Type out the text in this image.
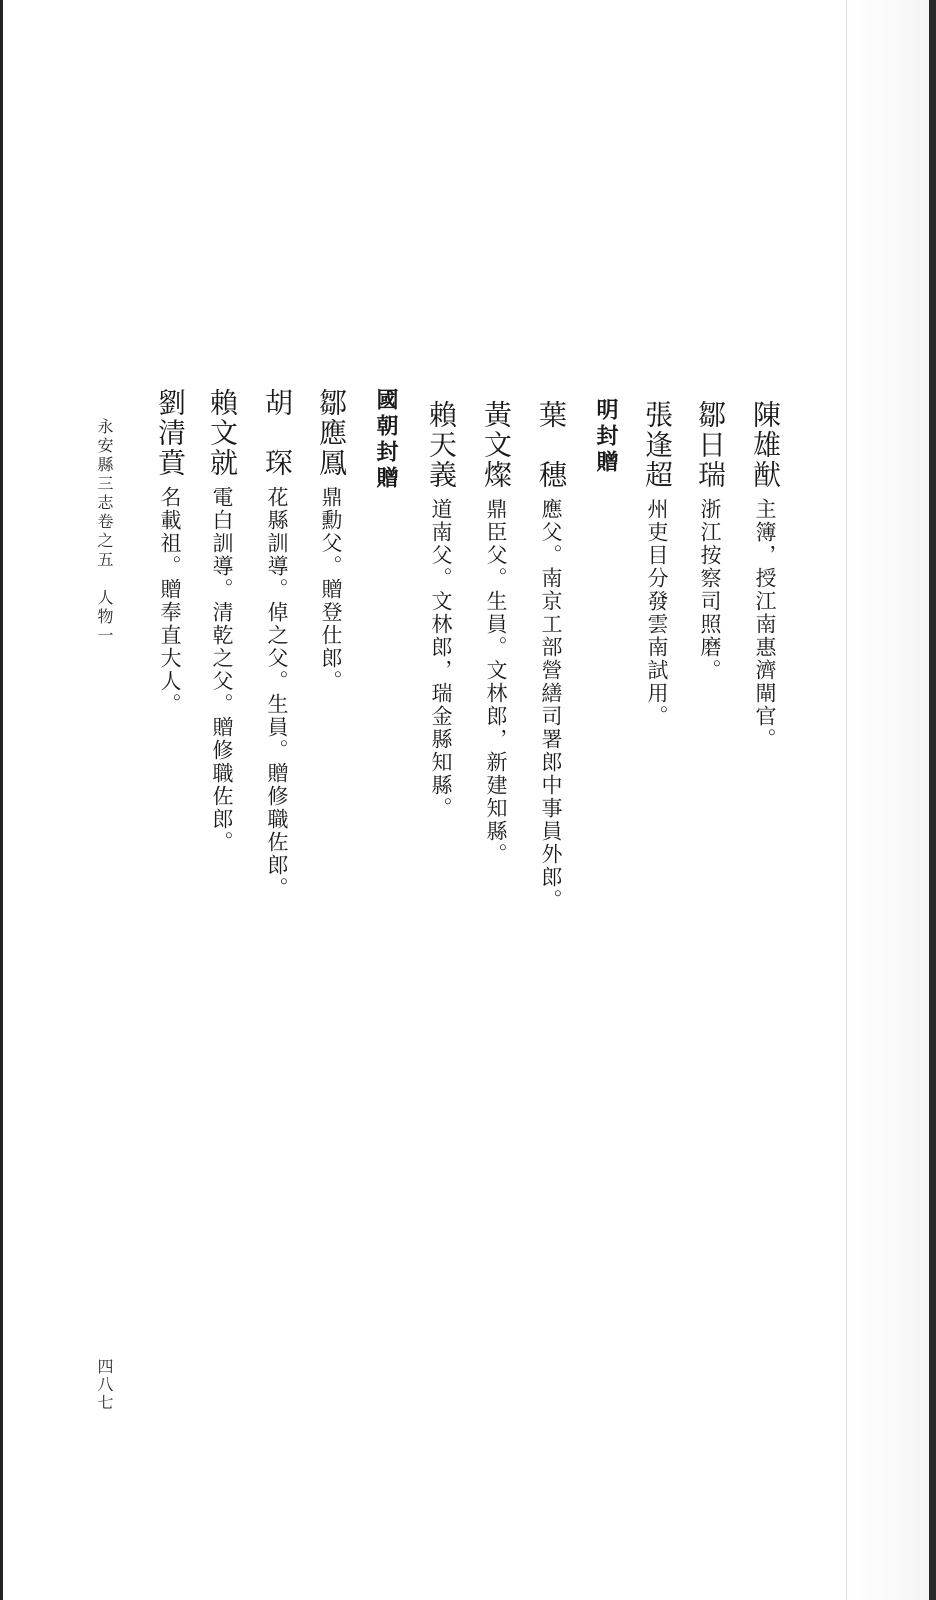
陳雄猷主簿，授江南惠濟閘官。
鄒日瑞浙江按察司照磨。
張逢超州吏目分發雲南試用。
明封贈
葉　穗應父。南京工部營繕司署郎中事員外郎。
黃文燦鼎臣父。生員。文林郎，新建知縣。
賴天義道南父。文林郎，瑞金縣知縣。
國朝封贈
鄒應鳳鼎勳父。贈登仕郎。
胡　琛花縣訓導。倬之父。生員。贈修職佐郎。
賴文就電白訓導。清乾之父。贈修職佐郎。
劉清賁名載祖。贈奉直大人。
永安縣三志卷之五　人物一
四八七
